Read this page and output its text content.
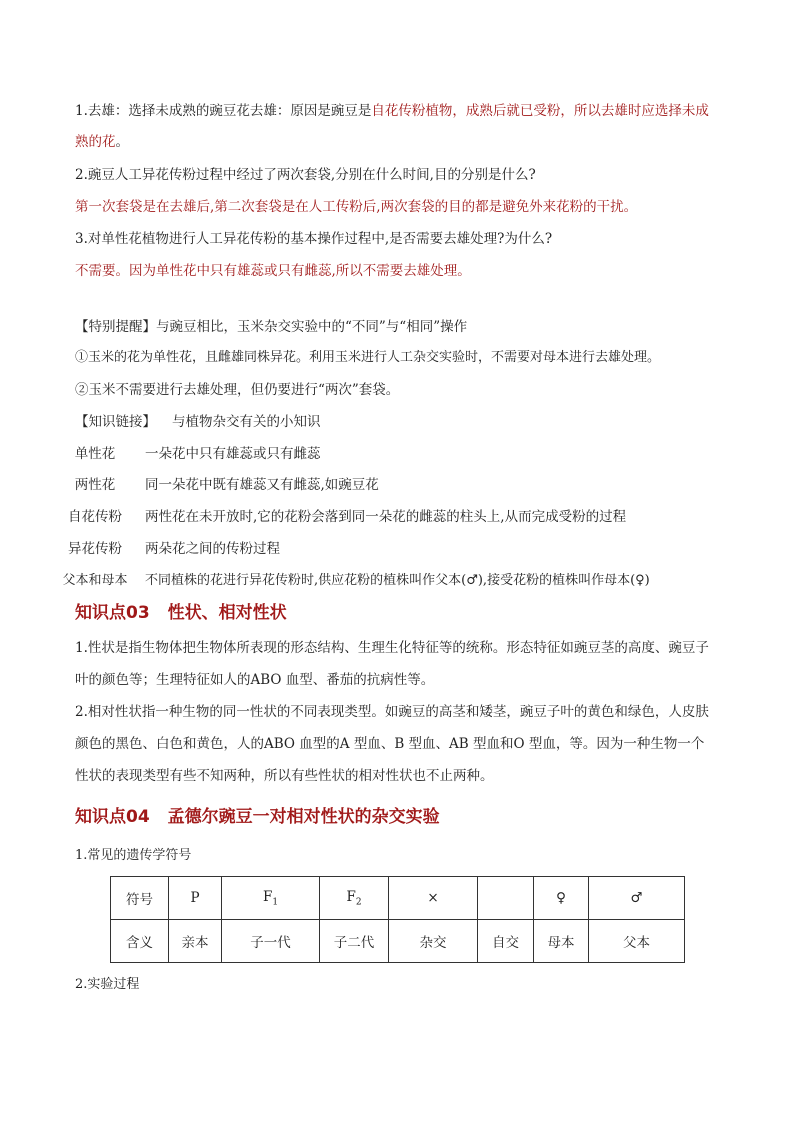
1.去雄：选择未成熟的豌豆花去雄：原因是豌豆是自花传粉植物，成熟后就已受粉，所以去雄时应选择未成
熟的花。
2.豌豆人工异花传粉过程中经过了两次套袋,分别在什么时间,目的分别是什么?
第一次套袋是在去雄后,第二次套袋是在人工传粉后,两次套袋的目的都是避免外来花粉的干扰。
3.对单性花植物进行人工异花传粉的基本操作过程中,是否需要去雄处理?为什么?
不需要。因为单性花中只有雄蕊或只有雌蕊,所以不需要去雄处理。
【特别提醒】与豌豆相比，玉米杂交实验中的“不同”与“相同”操作
①玉米的花为单性花，且雌雄同株异花。利用玉米进行人工杂交实验时，不需要对母本进行去雄处理。
②玉米不需要进行去雄处理，但仍要进行“两次”套袋。
【知识链接】 与植物杂交有关的小知识
单性花 一朵花中只有雄蕊或只有雌蕊
两性花 同一朵花中既有雄蕊又有雌蕊,如豌豆花
自花传粉 两性花在未开放时,它的花粉会落到同一朵花的雌蕊的柱头上,从而完成受粉的过程
异花传粉 两朵花之间的传粉过程
父本和母本 不同植株的花进行异花传粉时,供应花粉的植株叫作父本(♂),接受花粉的植株叫作母本(♀)
知识点03 性状、相对性状
1.性状是指生物体把生物体所表现的形态结构、生理生化特征等的统称。形态特征如豌豆茎的高度、豌豆子
叶的颜色等；生理特征如人的ABO 血型、番茄的抗病性等。
2.相对性状指一种生物的同一性状的不同表现类型。如豌豆的高茎和矮茎，豌豆子叶的黄色和绿色，人皮肤
颜色的黑色、白色和黄色，人的ABO 血型的A 型血、B 型血、AB 型血和O 型血，等。因为一种生物一个
性状的表现类型有些不知两种，所以有些性状的相对性状也不止两种。
知识点04 孟德尔豌豆一对相对性状的杂交实验
1.常见的遗传学符号
符号	P	$F_1$	$F_2$	×		♀	♂
含义	亲本	子一代	子二代	杂交	自交	母本	父本
2.实验过程
